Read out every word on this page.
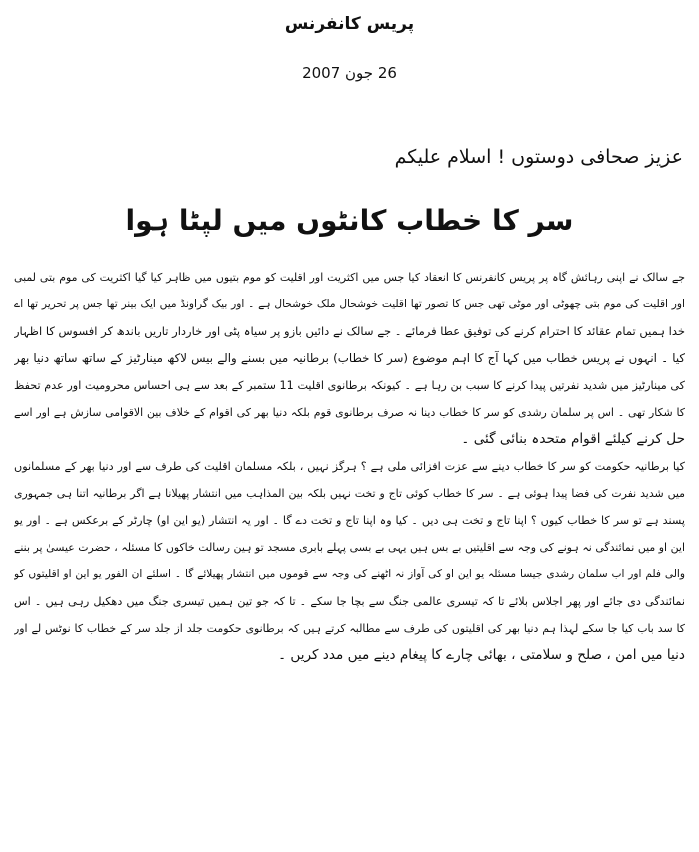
پریس کانفرنس

26 جون 2007

عزیز صحافی دوستوں ! اسلام علیکم

سر کا خطاب کانٹوں میں لپٹا ہوا
جے سالک نے اپنی رہائش گاہ پر پریس کانفرنس کا انعقاد کیا جس میں اکثریت اور اقلیت کو موم بتیوں میں ظاہر کیا گیا اکثریت کی موم بتی لمبی
اور اقلیت کی موم بتی چھوٹی اور موٹی تھی جس کا تصور تھا اقلیت خوشحال ملک خوشحال ہے ۔ اور بیک گراونڈ میں ایک بینر تھا جس پر تحریر تھا اے
خدا ہمیں تمام عقائد کا احترام کرنے کی توفیق عطا فرمائے ۔ جے سالک نے دائیں بازو پر سیاہ پٹی اور خاردار تاریں باندھ کر افسوس کا اظہار
کیا ۔ انہوں نے پریس خطاب میں کہا آج کا اہم موضوع (سر کا خطاب) برطانیہ میں بسنے والے بیس لاکھ مینارٹیز کے ساتھ ساتھ دنیا بھر
کی مینارٹیز میں شدید نفرتیں پیدا کرنے کا سبب بن رہا ہے ۔ کیونکہ برطانوی اقلیت 11 ستمبر کے بعد سے ہی احساس محرومیت اور عدم تحفظ
کا شکار تھی ۔ اس پر سلمان رشدی کو سر کا خطاب دینا نہ صرف برطانوی قوم بلکہ دنیا بھر کی اقوام کے خلاف بین الاقوامی سازش ہے اور اسے
حل کرنے کیلئے اقوام متحدہ بنائی گئی ۔
کیا برطانیہ حکومت کو سر کا خطاب دینے سے عزت افزائی ملی ہے ؟ ہرگز نہیں ، بلکہ مسلمان اقلیت کی طرف سے اور دنیا بھر کے مسلمانوں
میں شدید نفرت کی فضا پیدا ہوئی ہے ۔ سر کا خطاب کوئی تاج و تخت نہیں بلکہ بین المذاہب میں انتشار پھیلانا ہے اگر برطانیہ اتنا ہی جمہوری
پسند ہے تو سر کا خطاب کیوں ؟ اپنا تاج و تخت ہی دیں ۔ کیا وہ اپنا تاج و تخت دے گا ۔ اور یہ انتشار (یو این او) چارٹر کے برعکس ہے ۔ اور یو
این او میں نمائندگی نہ ہونے کی وجہ سے اقلیتیں بے بس ہیں یہی بے بسی پہلے بابری مسجد تو ہین رسالت خاکوں کا مسئلہ ، حضرت عیسیٰ پر بننے
والی فلم اور اب سلمان رشدی جیسا مسئلہ یو این او کی آواز نہ اٹھنے کی وجہ سے قوموں میں انتشار پھیلائے گا ۔ اسلئے ان الفور یو این او اقلیتوں کو
نمائندگی دی جائے اور پھر اجلاس بلائے تا کہ تیسری عالمی جنگ سے بچا جا سکے ۔ تا کہ جو تین ہمیں تیسری جنگ میں دھکیل رہی ہیں ۔ اس
کا سد باب کیا جا سکے لہذا ہم دنیا بھر کی اقلیتوں کی طرف سے مطالبہ کرتے ہیں کہ برطانوی حکومت جلد از جلد سر کے خطاب کا نوٹس لے اور
دنیا میں امن ، صلح و سلامتی ، بھائی چارے کا پیغام دینے میں مدد کریں ۔
